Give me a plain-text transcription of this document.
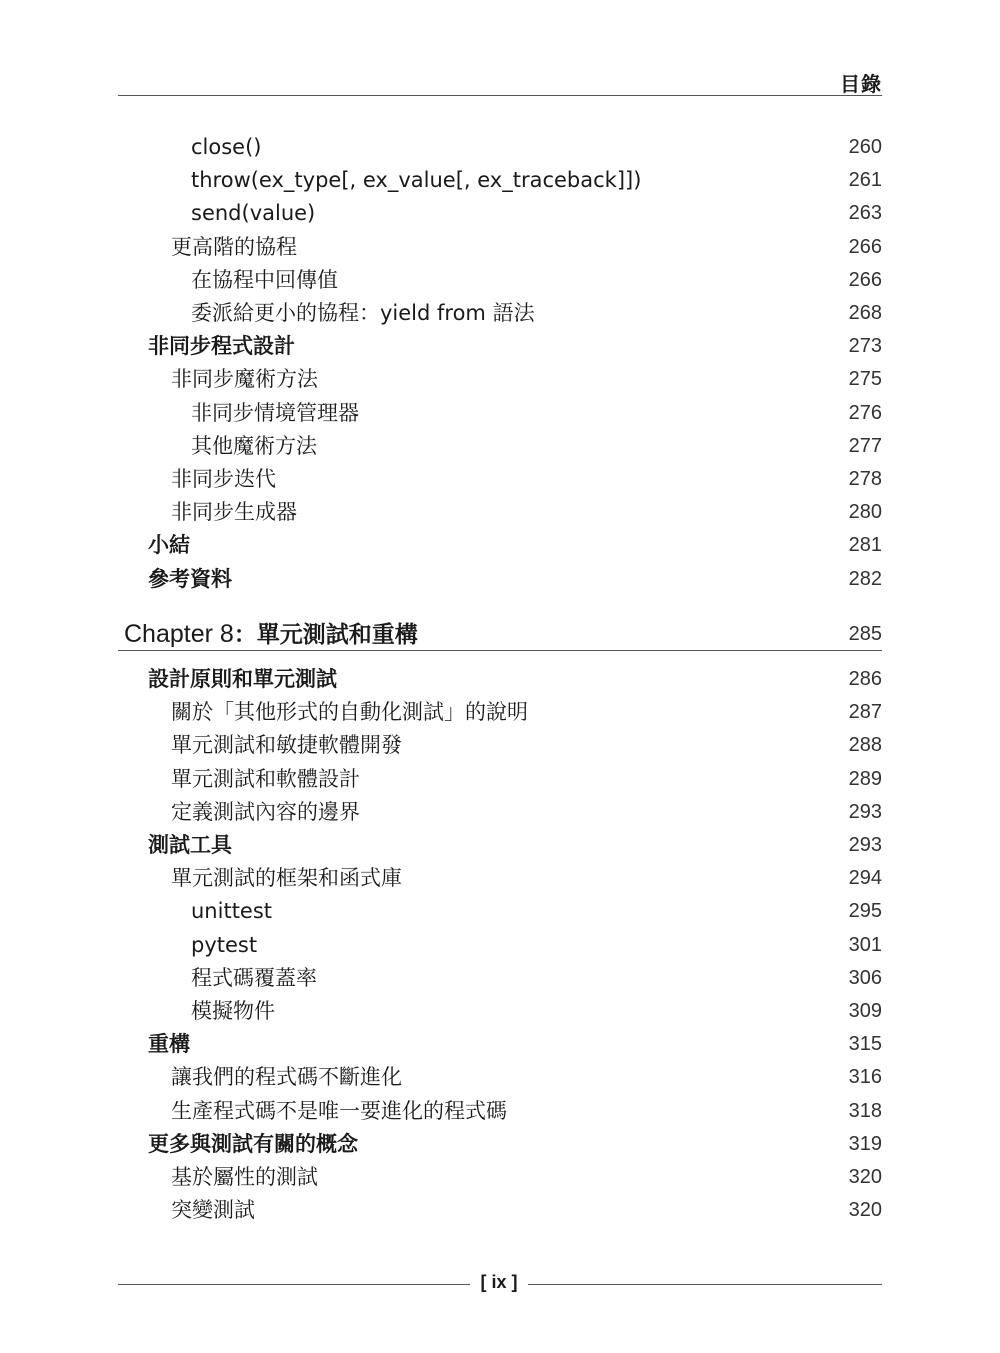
目錄
close()	260
throw(ex_type[, ex_value[, ex_traceback]])	261
send(value)	263
更高階的協程	266
在協程中回傳值	266
委派給更小的協程：yield from 語法	268
非同步程式設計	273
非同步魔術方法	275
非同步情境管理器	276
其他魔術方法	277
非同步迭代	278
非同步生成器	280
小結	281
參考資料	282
Chapter 8：單元測試和重構	285
設計原則和單元測試	286
關於「其他形式的自動化測試」的說明	287
單元測試和敏捷軟體開發	288
單元測試和軟體設計	289
定義測試內容的邊界	293
測試工具	293
單元測試的框架和函式庫	294
unittest	295
pytest	301
程式碼覆蓋率	306
模擬物件	309
重構	315
讓我們的程式碼不斷進化	316
生產程式碼不是唯一要進化的程式碼	318
更多與測試有關的概念	319
基於屬性的測試	320
突變測試	320
[ ix ]
